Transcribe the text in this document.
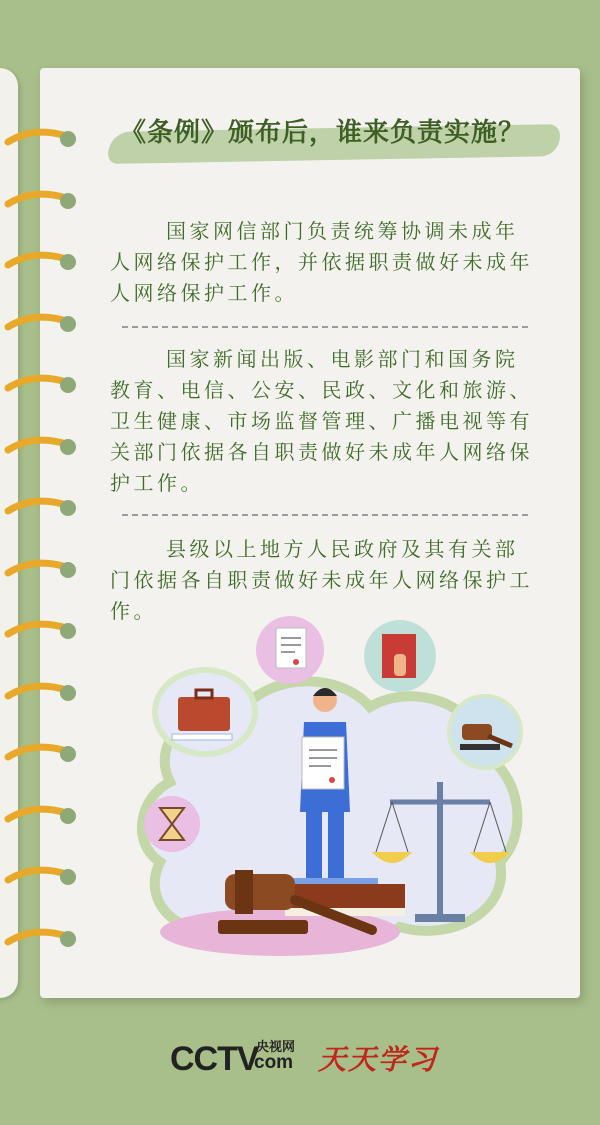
《条例》颁布后，谁来负责实施？

国家网信部门负责统筹协调未成年人网络保护工作，并依据职责做好未成年人网络保护工作。

国家新闻出版、电影部门和国务院教育、电信、公安、民政、文化和旅游、卫生健康、市场监督管理、广播电视等有关部门依据各自职责做好未成年人网络保护工作。

县级以上地方人民政府及其有关部门依据各自职责做好未成年人网络保护工作。

CCTV
央视网
com 天天学习
